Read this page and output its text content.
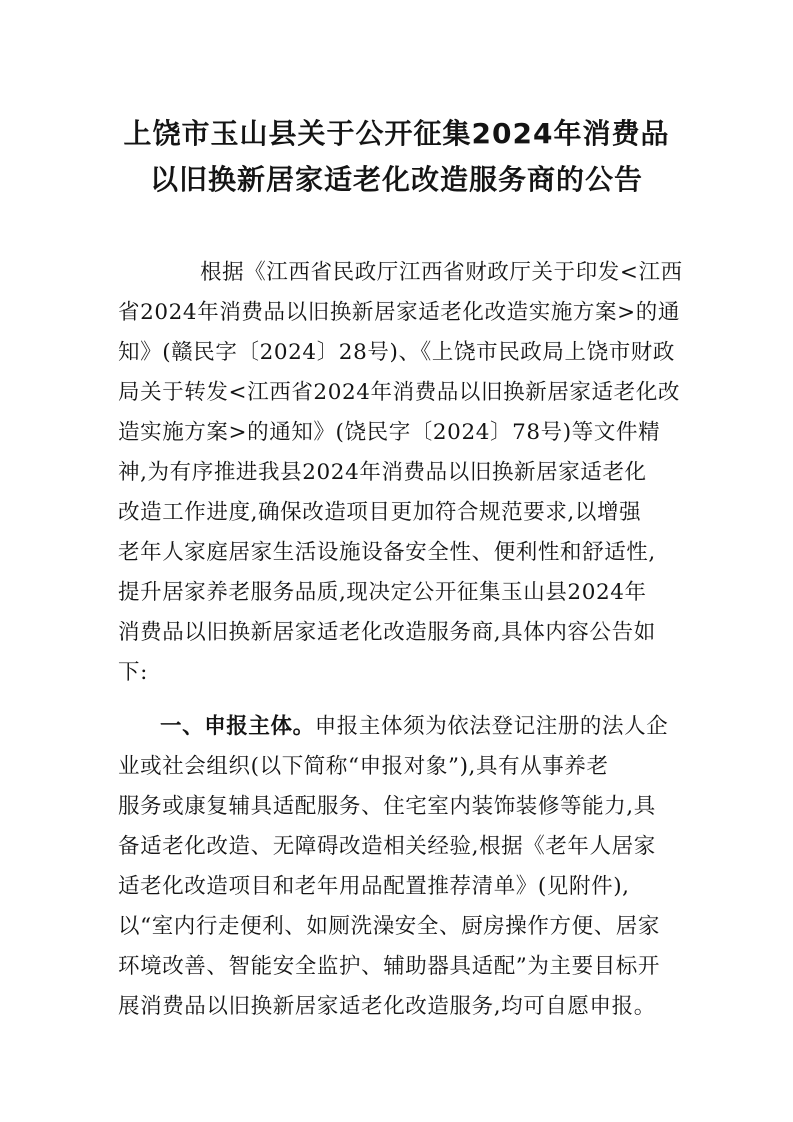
上饶市玉山县关于公开征集2024年消费品
以旧换新居家适老化改造服务商的公告
根据《江西省民政厅江西省财政厅关于印发<江西
省2024年消费品以旧换新居家适老化改造实施方案>的通
知》(赣民字〔2024〕28号)、《上饶市民政局上饶市财政
局关于转发<江西省2024年消费品以旧换新居家适老化改
造实施方案>的通知》(饶民字〔2024〕78号)等文件精
神,为有序推进我县2024年消费品以旧换新居家适老化
改造工作进度,确保改造项目更加符合规范要求,以增强
老年人家庭居家生活设施设备安全性、便利性和舒适性,
提升居家养老服务品质,现决定公开征集玉山县2024年
消费品以旧换新居家适老化改造服务商,具体内容公告如
下:
一、申报主体。申报主体须为依法登记注册的法人企
业或社会组织(以下简称“申报对象”),具有从事养老
服务或康复辅具适配服务、住宅室内装饰装修等能力,具
备适老化改造、无障碍改造相关经验,根据《老年人居家
适老化改造项目和老年用品配置推荐清单》(见附件),
以“室内行走便利、如厕洗澡安全、厨房操作方便、居家
环境改善、智能安全监护、辅助器具适配”为主要目标开
展消费品以旧换新居家适老化改造服务,均可自愿申报。
